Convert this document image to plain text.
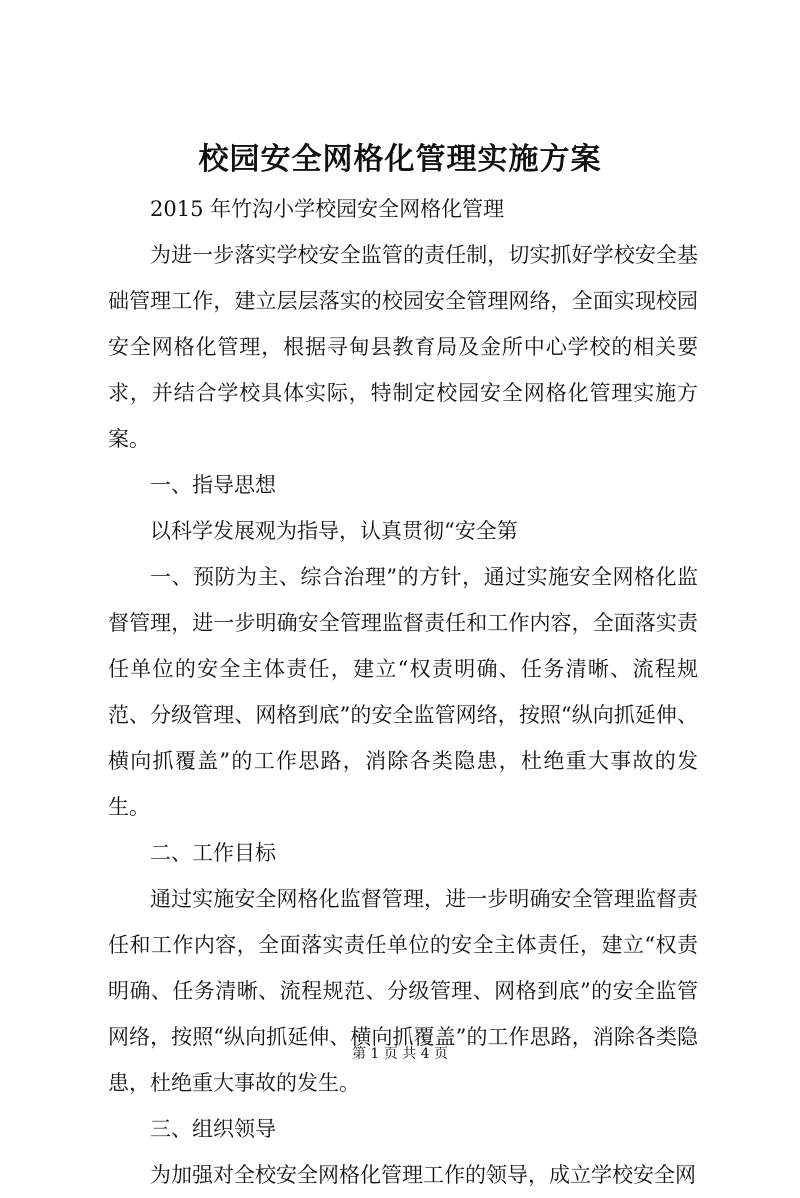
校园安全网格化管理实施方案

2015 年竹沟小学校园安全网格化管理

为进一步落实学校安全监管的责任制，切实抓好学校安全基础管理工作，建立层层落实的校园安全管理网络，全面实现校园安全网格化管理，根据寻甸县教育局及金所中心学校的相关要求，并结合学校具体实际，特制定校园安全网格化管理实施方案。

一、指导思想

以科学发展观为指导，认真贯彻“安全第

一、预防为主、综合治理”的方针，通过实施安全网格化监督管理，进一步明确安全管理监督责任和工作内容，全面落实责任单位的安全主体责任，建立“权责明确、任务清晰、流程规范、分级管理、网格到底”的安全监管网络，按照“纵向抓延伸、横向抓覆盖”的工作思路，消除各类隐患，杜绝重大事故的发生。

二、工作目标

通过实施安全网格化监督管理，进一步明确安全管理监督责任和工作内容，全面落实责任单位的安全主体责任，建立“权责明确、任务清晰、流程规范、分级管理、网格到底”的安全监管网络，按照“纵向抓延伸、横向抓覆盖”的工作思路，消除各类隐患，杜绝重大事故的发生。

三、组织领导

为加强对全校安全网格化管理工作的领导，成立学校安全网

第 1 页 共 4 页
